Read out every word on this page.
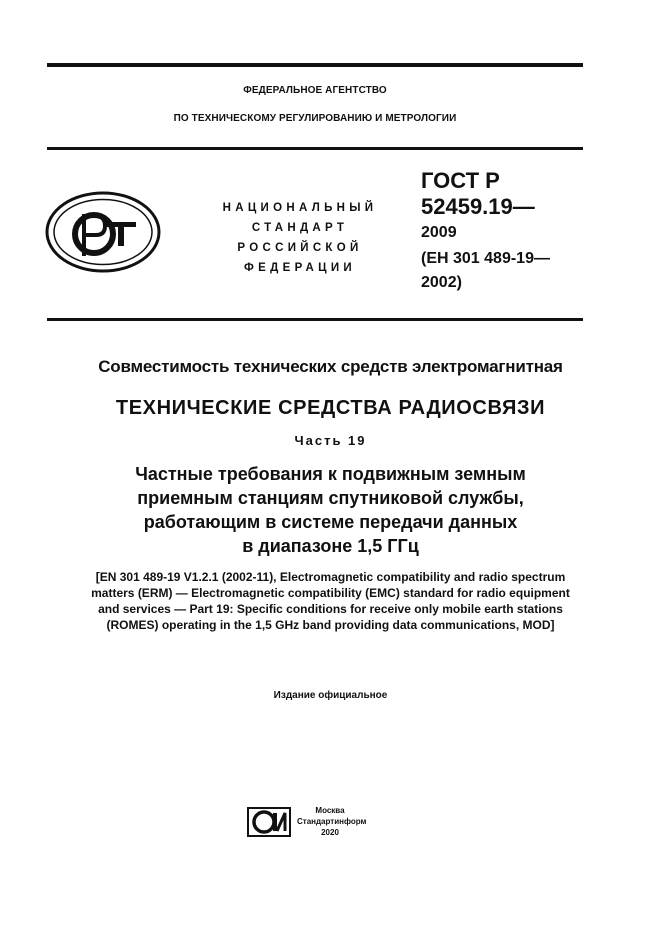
ФЕДЕРАЛЬНОЕ АГЕНТСТВО
ПО ТЕХНИЧЕСКОМУ РЕГУЛИРОВАНИЮ И МЕТРОЛОГИИ
РСТ
НАЦИОНАЛЬНЫЙ
СТАНДАРТ
РОССИЙСКОЙ
ФЕДЕРАЦИИ
ГОСТ Р
52459.19—
2009
(ЕН 301 489-19—
2002)
Совместимость технических средств электромагнитная
ТЕХНИЧЕСКИЕ СРЕДСТВА РАДИОСВЯЗИ
Часть 19
Частные требования к подвижным земным
приемным станциям спутниковой службы,
работающим в системе передачи данных
в диапазоне 1,5 ГГц
[EN 301 489-19 V1.2.1 (2002-11), Electromagnetic compatibility and radio spectrum
matters (ERM) — Electromagnetic compatibility (EMC) standard for radio equipment
and services — Part 19: Specific conditions for receive only mobile earth stations
(ROMES) operating in the 1,5 GHz band providing data communications, MOD]
Издание официальное
СИ
Москва
Стандартинформ
2020
